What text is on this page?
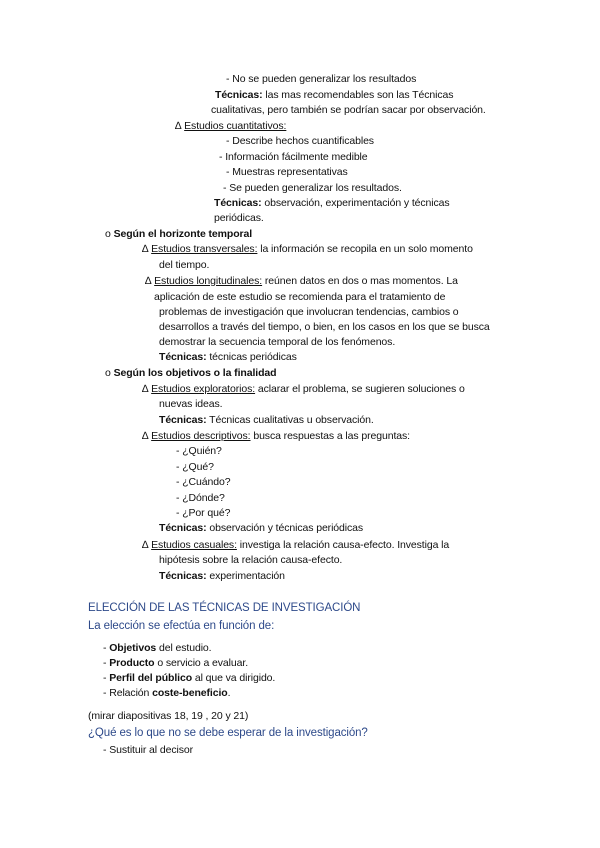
- No se pueden generalizar los resultados
Técnicas: las mas recomendables son las Técnicas
cualitativas, pero también se podrían sacar por observación.
∆ Estudios cuantitativos:
- Describe hechos cuantificables
- Información fácilmente medible
- Muestras representativas
- Se pueden generalizar los resultados.
Técnicas: observación, experimentación y técnicas
periódicas.
o Según el horizonte temporal
∆ Estudios transversales: la información se recopila en un solo momento
del tiempo.
∆ Estudios longitudinales: reúnen datos en dos o mas momentos. La
aplicación de este estudio se recomienda para el tratamiento de
problemas de investigación que involucran tendencias, cambios o
desarrollos a través del tiempo, o bien, en los casos en los que se busca
demostrar la secuencia temporal de los fenómenos.
Técnicas: técnicas periódicas
o Según los objetivos o la finalidad
∆ Estudios exploratorios: aclarar el problema, se sugieren soluciones o
nuevas ideas.
Técnicas: Técnicas cualitativas u observación.
∆ Estudios descriptivos: busca respuestas a las preguntas:
- ¿Quién?
- ¿Qué?
- ¿Cuándo?
- ¿Dónde?
- ¿Por qué?
Técnicas: observación y técnicas periódicas
∆ Estudios casuales: investiga la relación causa-efecto. Investiga la
hipótesis sobre la relación causa-efecto.
Técnicas: experimentación
ELECCIÓN DE LAS TÉCNICAS DE INVESTIGACIÓN
La elección se efectúa en función de:
- Objetivos del estudio.
- Producto o servicio a evaluar.
- Perfil del público al que va dirigido.
- Relación coste-beneficio.
(mirar diapositivas 18, 19 , 20 y 21)
¿Qué es lo que no se debe esperar de la investigación?
- Sustituir al decisor
